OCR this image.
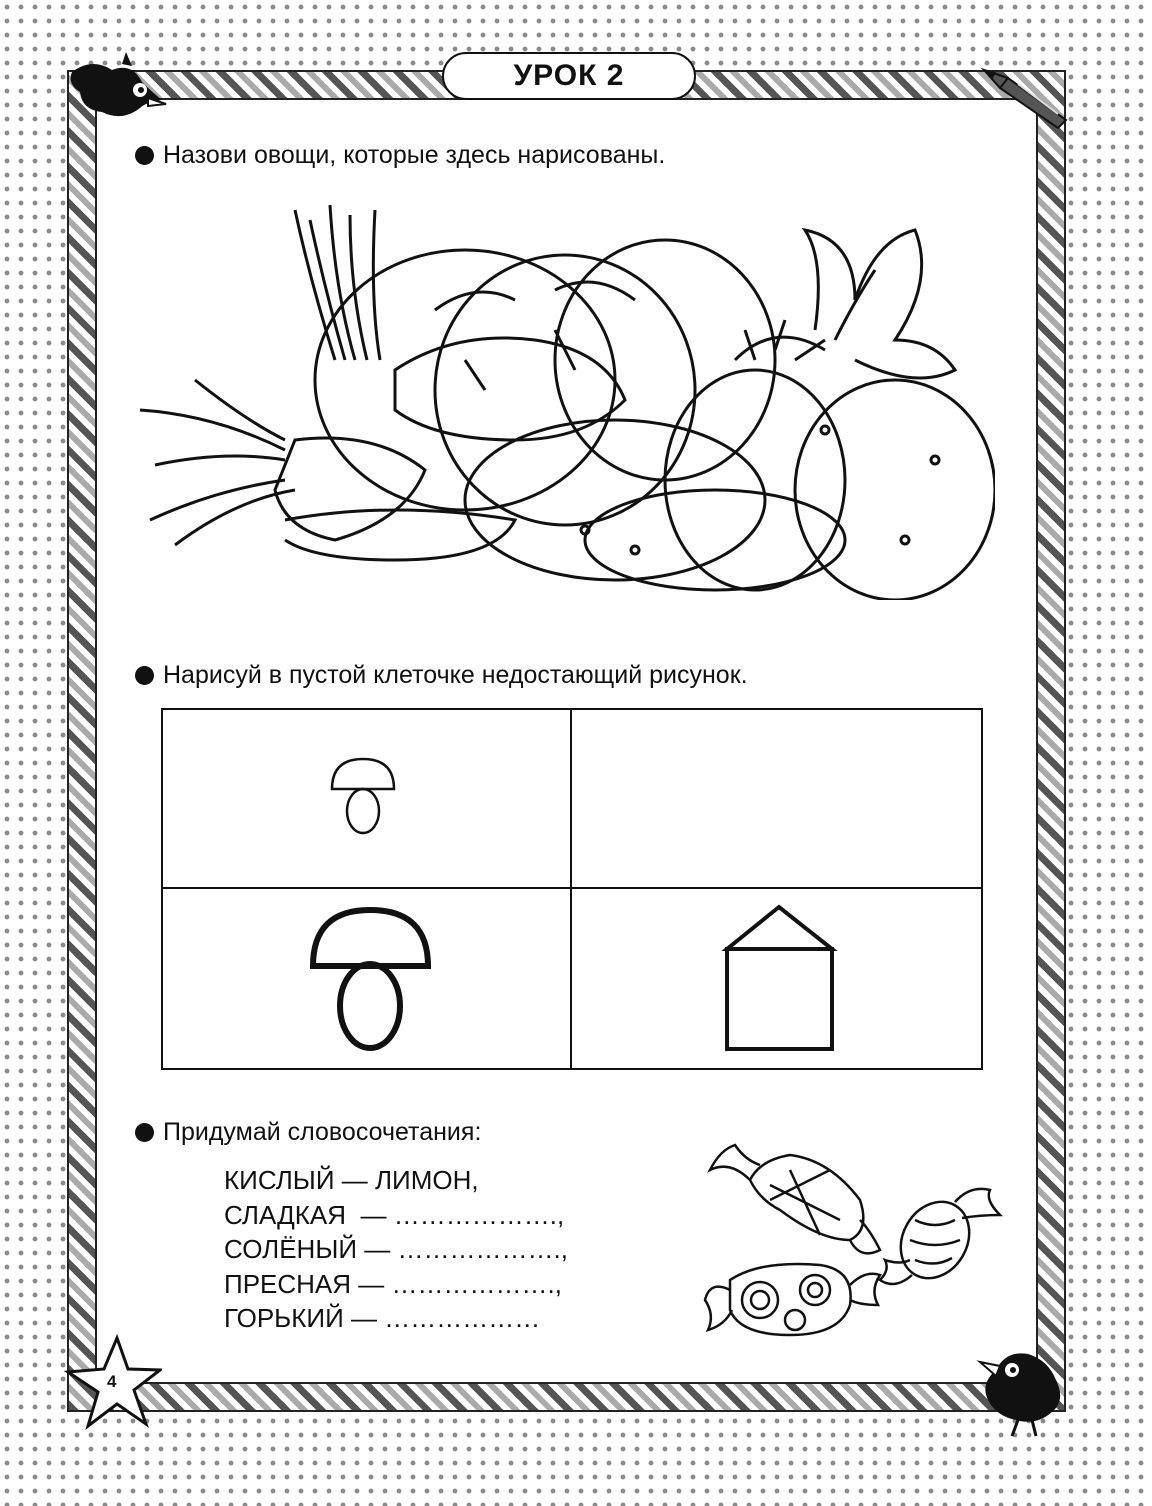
УРОК 2
Назови овощи, которые здесь нарисованы.
Нарисуй в пустой клеточке недостающий рисунок.
Придумай словосочетания:
КИСЛЫЙ — ЛИМОН,
СЛАДКАЯ  — ……………….,
СОЛЁНЫЙ — ……………….,
ПРЕСНАЯ — ……………….,
ГОРЬКИЙ — ………………
4
